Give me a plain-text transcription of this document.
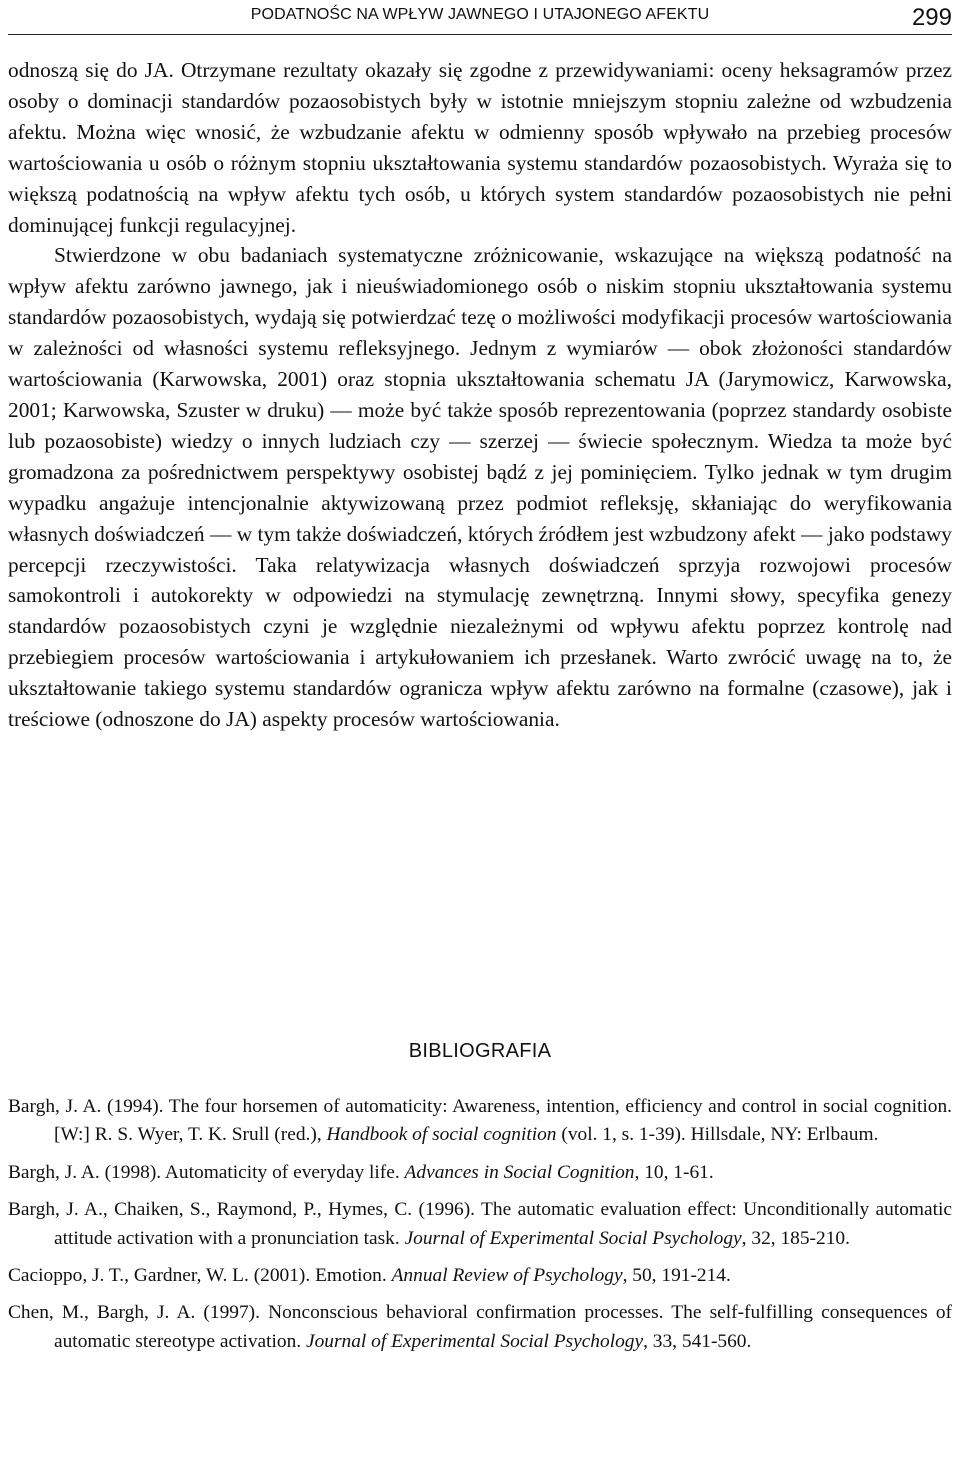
PODATNOŚC NA WPŁYW JAWNEGO I UTAJONEGO AFEKTU	299

odnoszą się do JA. Otrzymane rezultaty okazały się zgodne z przewidywaniami: oceny heksagramów przez osoby o dominacji standardów pozaosobistych były w istotnie mniejszym stopniu zależne od wzbudzenia afektu. Można więc wnosić, że wzbudzanie afektu w odmienny sposób wpływało na przebieg procesów wartościowania u osób o różnym stopniu ukształtowania systemu standardów pozaosobistych. Wyraża się to większą podatnością na wpływ afektu tych osób, u których system standardów pozaosobistych nie pełni dominującej funkcji regulacyjnej.

Stwierdzone w obu badaniach systematyczne zróżnicowanie, wskazujące na większą podatność na wpływ afektu zarówno jawnego, jak i nieuświadomionego osób o niskim stopniu ukształtowania systemu standardów pozaosobistych, wydają się potwierdzać tezę o możliwości modyfikacji procesów wartościowania w zależności od własności systemu refleksyjnego. Jednym z wymiarów — obok złożoności standardów wartościowania (Karwowska, 2001) oraz stopnia ukształtowania schematu JA (Jarymowicz, Karwowska, 2001; Karwowska, Szuster w druku) — może być także sposób reprezentowania (poprzez standardy osobiste lub pozaosobiste) wiedzy o innych ludziach czy — szerzej — świecie społecznym. Wiedza ta może być gromadzona za pośrednictwem perspektywy osobistej bądź z jej pominięciem. Tylko jednak w tym drugim wypadku angażuje intencjonalnie aktywizowaną przez podmiot refleksję, skłaniając do weryfikowania własnych doświadczeń — w tym także doświadczeń, których źródłem jest wzbudzony afekt — jako podstawy percepcji rzeczywistości. Taka relatywizacja własnych doświadczeń sprzyja rozwojowi procesów samokontroli i autokorekty w odpowiedzi na stymulację zewnętrzną. Innymi słowy, specyfika genezy standardów pozaosobistych czyni je względnie niezależnymi od wpływu afektu poprzez kontrolę nad przebiegiem procesów wartościowania i artykułowaniem ich przesłanek. Warto zwrócić uwagę na to, że ukształtowanie takiego systemu standardów ogranicza wpływ afektu zarówno na formalne (czasowe), jak i treściowe (odnoszone do JA) aspekty procesów wartościowania.

BIBLIOGRAFIA
Bargh, J. A. (1994). The four horsemen of automaticity: Awareness, intention, efficiency and control in social cognition. [W:] R. S. Wyer, T. K. Srull (red.), Handbook of social cognition (vol. 1, s. 1-39). Hillsdale, NY: Erlbaum.
Bargh, J. A. (1998). Automaticity of everyday life. Advances in Social Cognition, 10, 1-61.
Bargh, J. A., Chaiken, S., Raymond, P., Hymes, C. (1996). The automatic evaluation effect: Unconditionally automatic attitude activation with a pronunciation task. Journal of Experimental Social Psychology, 32, 185-210.
Cacioppo, J. T., Gardner, W. L. (2001). Emotion. Annual Review of Psychology, 50, 191-214.
Chen, M., Bargh, J. A. (1997). Nonconscious behavioral confirmation processes. The self-fulfilling consequences of automatic stereotype activation. Journal of Experimental Social Psychology, 33, 541-560.
